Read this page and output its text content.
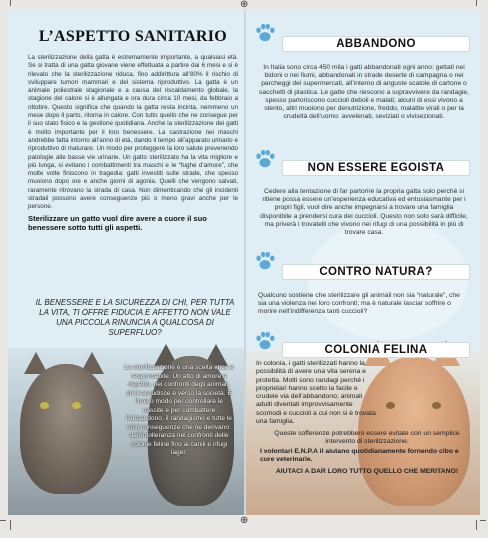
L’ASPETTO SANITARIO

La sterilizzazione della gatta è estremamente importante, a qualsiasi età. Se si tratta di una gatta giovane viene effettuata a partire dai 6 mesi e si è rilevato che la sterilizzazione riduca, fino addirittura all’80% il rischio di sviluppare tumori mammari e del sistema riproduttivo. La gatta è un animale poliestrale stagionale e a causa del riscaldamento globale, la stagione del calore si è allungata e ora dura circa 10 mesi, da febbraio a ottobre. Questo significa che quando la gatta resta incinta, nemmeno un mese dopo il parto, ritorna in calore. Con tutto quello che ne consegue per il suo stato fisico e la gestione quotidiana. Anche la sterilizzazione dei gatti è molto importante per il loro benessere. La castrazione nei maschi andrebbe fatta intorno all’anno di età, dando il tempo all’apparato urinario e riproduttivo di maturare. Un modo per proteggere la loro salute prevenendo patologie alle basse vie urinarie. Un gatto sterilizzato ha la vita migliore e più lunga, si evitano i combattimenti tra maschi e le “fughe d’amore”, che molte volte finiscono in tragedia: gatti investiti sulle strade, che spesso muoiono dopo ore e anche giorni di agonia. Quelli che vengono salvati, raramente ritrovano la strada di casa. Non dimenticando che gli incidenti stradali possono avere conseguenze più o meno gravi anche per le persone.

Sterilizzare un gatto vuol dire avere a cuore il suo benessere sotto tutti gli aspetti.

IL BENESSERE E LA SICUREZZA DI CHI, PER TUTTA LA VITA, TI OFFRE FIDUCIA E AFFETTO NON VALE UNA PICCOLA RINUNCIA A QUALCOSA DI SUPERFLUO?
La sterilizzazione è una scelta etica e responsabile. Un atto di amore e rispetto, nei confronti degli animali, chi li accudisce e verso la società. È l’unico modo per controllare le nascite e per combattere l’abbandono, il randagismo e tutte le tristi conseguenze che ne derivano: dall’intolleranza nei confronti delle colonie feline fino ai canili e rifugi lager.
ABBANDONO
In Italia sono circa 450 mila i gatti abbandonati ogni anno: gettati nei bidoni o nei fiumi, abbandonati in strade deserte di campagna o nei parcheggi dei supermercati, all’interno di anguste scatole di cartone o sacchetti di plastica. Le gatte che riescono a sopravvivere da randagie, spesso partoriscono cuccioli deboli e malati; alcuni di essi vivono a stento, altri muoiono per denutrizione, freddo, malattie virali o per la crudeltà dell’uomo: avvelenati, seviziati o vivisezionati.
NON ESSERE EGOISTA
Cedere alla tentazione di far partorire la propria gatta solo perché si ritiene possa essere un’esperienza educativa ed entusiasmante per i propri figli, vuol dire anche impegnarsi a trovare una famiglia disponibile a prendersi cura dei cuccioli. Questo non solo sarà difficile, ma priverà i trovatelli che vivono nei rifugi di una possibilità in più di trovare casa.
CONTRO NATURA?
Qualcuno sostiene che sterilizzare gli animali non sia “naturale”, che sia una violenza nei loro confronti; ma è naturale lasciar soffrire o morire nell’indifferenza tanti cuccioli?
COLONIA FELINA
In colonia, i gatti sterilizzati hanno la possibilità di avere una vita serena e protetta. Molti sono randagi perché i proprietari hanno scelto la facile e crudele via dell’abbandono; animali adulti diventati improvvisamente scomodi e cuccioli a cui non si è trovata una famiglia.
Queste sofferenze potrebbero essere evitate con un semplice intervento di sterilizzazione.
I volontari E.N.P.A il aiutano quotidianamente fornendo cibo e cure veterinarie.
AIUTACI A DAR LORO TUTTO QUELLO CHE MERITANO!
⊕
⊕
